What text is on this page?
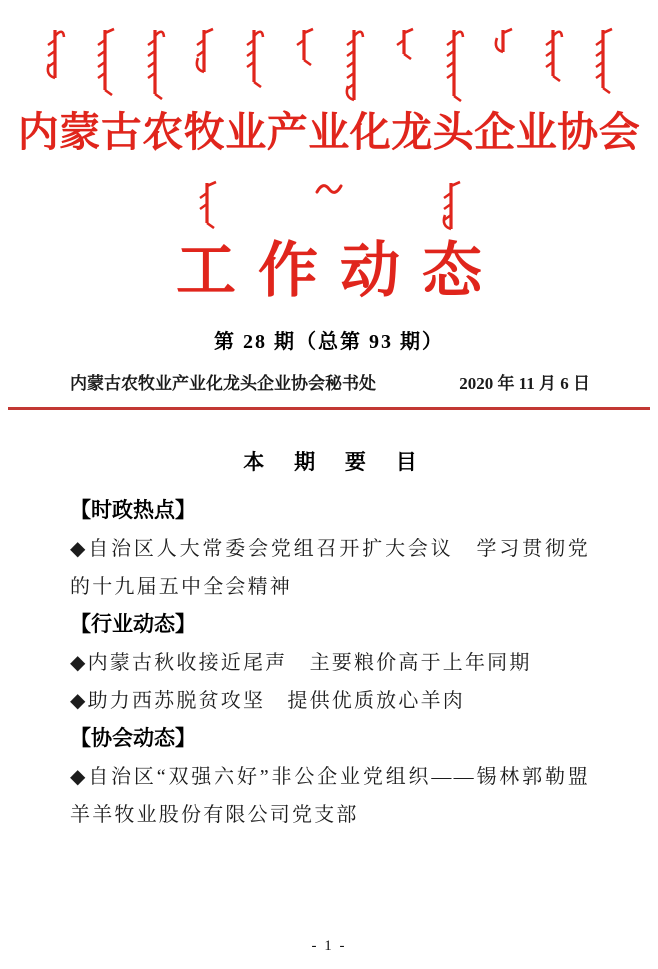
内蒙古农牧业产业化龙头企业协会
工作动态
第 28 期（总第 93 期）
内蒙古农牧业产业化龙头企业协会秘书处	2020 年 11 月 6 日
本 期 要 目
【时政热点】

◆自治区人大常委会党组召开扩大会议　学习贯彻党的十九届五中全会精神

【行业动态】

◆内蒙古秋收接近尾声　主要粮价高于上年同期

◆助力西苏脱贫攻坚　提供优质放心羊肉

【协会动态】

◆自治区“双强六好”非公企业党组织——锡林郭勒盟羊羊牧业股份有限公司党支部

- 1 -
